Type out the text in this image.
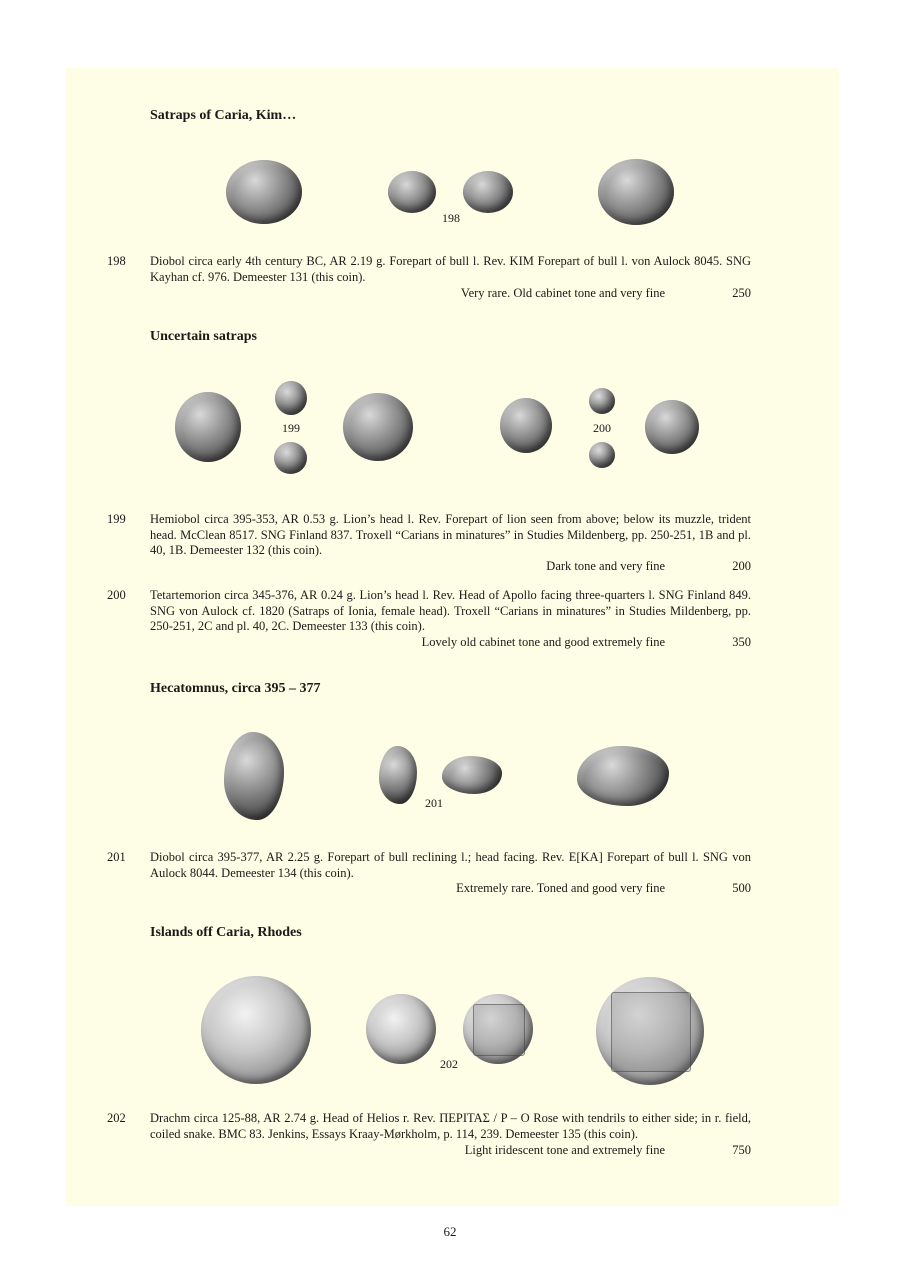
Satraps of Caria, Kim…
198
198 Diobol circa early 4th century BC, AR 2.19 g. Forepart of bull l. Rev. KIM Forepart of bull l. von Aulock 8045. SNG Kayhan cf. 976. Demeester 131 (this coin).
Very rare. Old cabinet tone and very fine	250
Uncertain satraps
199	200
199 Hemiobol circa 395-353, AR 0.53 g. Lion’s head l. Rev. Forepart of lion seen from above; below its muzzle, trident head. McClean 8517. SNG Finland 837. Troxell “Carians in minatures” in Studies Mildenberg, pp. 250-251, 1B and pl. 40, 1B. Demeester 132 (this coin).
Dark tone and very fine	200
200 Tetartemorion circa 345-376, AR 0.24 g. Lion’s head l. Rev. Head of Apollo facing three-quarters l. SNG Finland 849. SNG von Aulock cf. 1820 (Satraps of Ionia, female head). Troxell “Carians in minatures” in Studies Mildenberg, pp. 250-251, 2C and pl. 40, 2C. Demeester 133 (this coin).
Lovely old cabinet tone and good extremely fine	350
Hecatomnus, circa 395 – 377
201
201 Diobol circa 395-377, AR 2.25 g. Forepart of bull reclining l.; head facing. Rev. E[KA] Forepart of bull l. SNG von Aulock 8044. Demeester 134 (this coin).
Extremely rare. Toned and good very fine	500
Islands off Caria, Rhodes
202
202 Drachm circa 125-88, AR 2.74 g. Head of Helios r. Rev. ΠΕΡΙΤΑΣ / P – O Rose with tendrils to either side; in r. field, coiled snake. BMC 83. Jenkins, Essays Kraay-Mørkholm, p. 114, 239. Demeester 135 (this coin).
Light iridescent tone and extremely fine	750
62
